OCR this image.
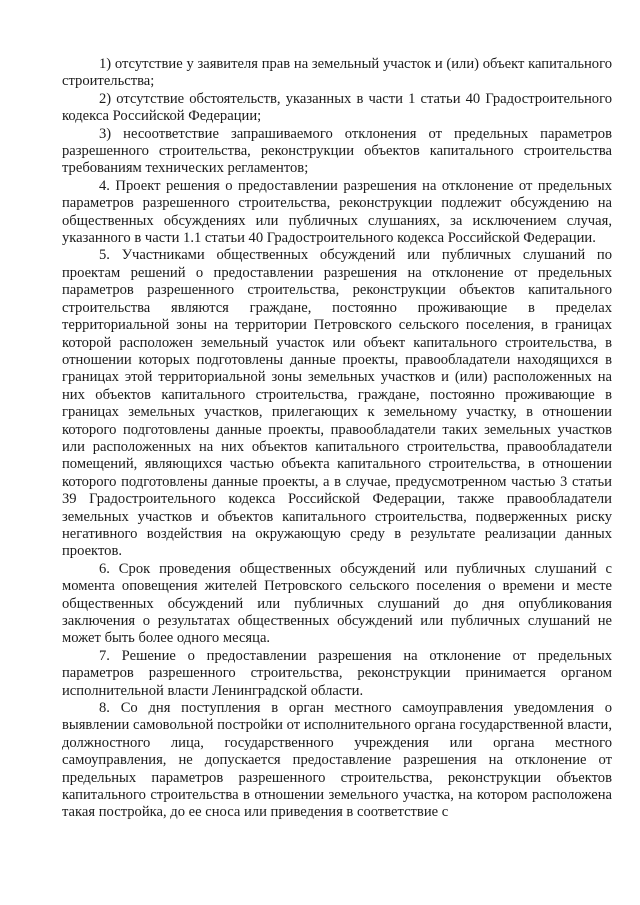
1) отсутствие у заявителя прав на земельный участок и (или) объект капитального строительства;

2) отсутствие обстоятельств, указанных в части 1 статьи 40 Градостроительного кодекса Российской Федерации;

3) несоответствие запрашиваемого отклонения от предельных параметров разрешенного строительства, реконструкции объектов капитального строительства требованиям технических регламентов;

4. Проект решения о предоставлении разрешения на отклонение от предельных параметров разрешенного строительства, реконструкции подлежит обсуждению на общественных обсуждениях или публичных слушаниях, за исключением случая, указанного в части 1.1 статьи 40 Градостроительного кодекса Российской Федерации.

5. Участниками общественных обсуждений или публичных слушаний по проектам решений о предоставлении разрешения на отклонение от предельных параметров разрешенного строительства, реконструкции объектов капитального строительства являются граждане, постоянно проживающие в пределах территориальной зоны на территории Петровского сельского поселения, в границах которой расположен земельный участок или объект капитального строительства, в отношении которых подготовлены данные проекты, правообладатели находящихся в границах этой территориальной зоны земельных участков и (или) расположенных на них объектов капитального строительства, граждане, постоянно проживающие в границах земельных участков, прилегающих к земельному участку, в отношении которого подготовлены данные проекты, правообладатели таких земельных участков или расположенных на них объектов капитального строительства, правообладатели помещений, являющихся частью объекта капитального строительства, в отношении которого подготовлены данные проекты, а в случае, предусмотренном частью 3 статьи 39 Градостроительного кодекса Российской Федерации, также правообладатели земельных участков и объектов капитального строительства, подверженных риску негативного воздействия на окружающую среду в результате реализации данных проектов.

6. Срок проведения общественных обсуждений или публичных слушаний с момента оповещения жителей Петровского сельского поселения о времени и месте общественных обсуждений или публичных слушаний до дня опубликования заключения о результатах общественных обсуждений или публичных слушаний не может быть более одного месяца.

7. Решение о предоставлении разрешения на отклонение от предельных параметров разрешенного строительства, реконструкции принимается органом исполнительной власти Ленинградской области.

8. Со дня поступления в орган местного самоуправления уведомления о выявлении самовольной постройки от исполнительного органа государственной власти, должностного лица, государственного учреждения или органа местного самоуправления, не допускается предоставление разрешения на отклонение от предельных параметров разрешенного строительства, реконструкции объектов капитального строительства в отношении земельного участка, на котором расположена такая постройка, до ее сноса или приведения в соответствие с
